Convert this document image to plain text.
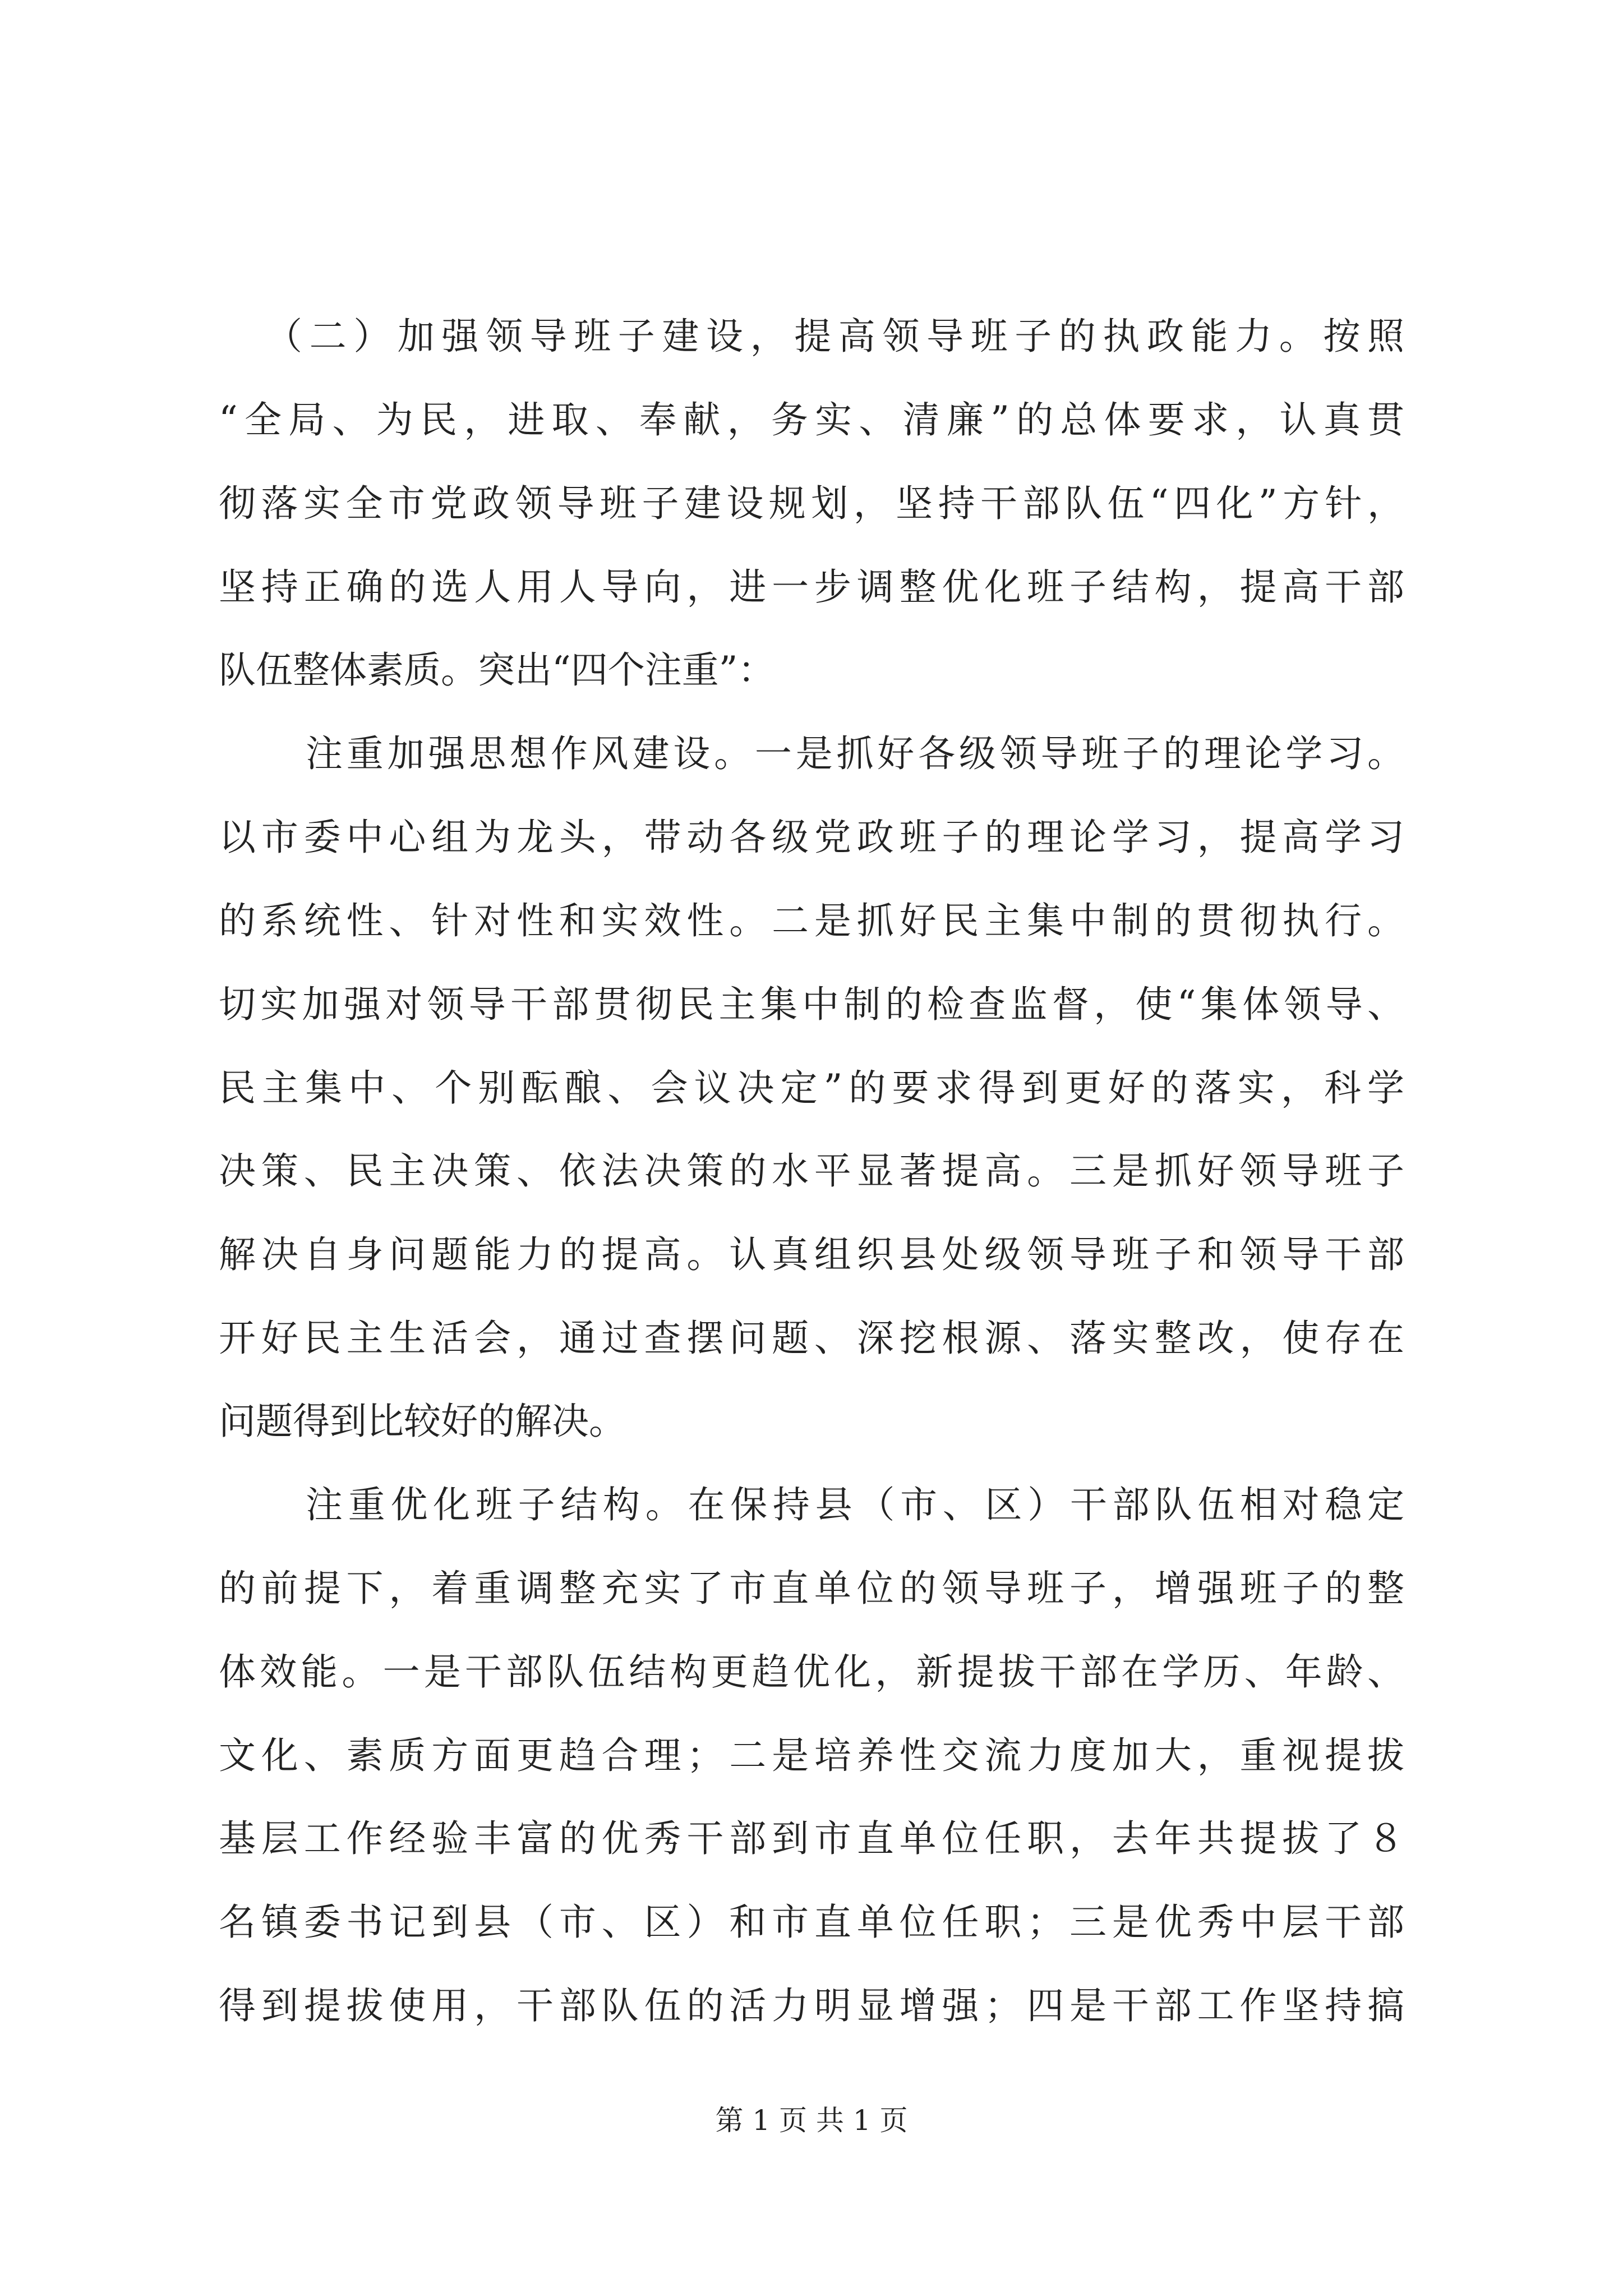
（二）加强领导班子建设，提高领导班子的执政能力。按照
“全局、为民，进取、奉献，务实、清廉”的总体要求，认真贯
彻落实全市党政领导班子建设规划，坚持干部队伍“四化”方针，
坚持正确的选人用人导向，进一步调整优化班子结构，提高干部
队伍整体素质。突出“四个注重”：
注重加强思想作风建设。一是抓好各级领导班子的理论学习。
以市委中心组为龙头，带动各级党政班子的理论学习，提高学习
的系统性、针对性和实效性。二是抓好民主集中制的贯彻执行。
切实加强对领导干部贯彻民主集中制的检查监督，使“集体领导、
民主集中、个别酝酿、会议决定”的要求得到更好的落实，科学
决策、民主决策、依法决策的水平显著提高。三是抓好领导班子
解决自身问题能力的提高。认真组织县处级领导班子和领导干部
开好民主生活会，通过查摆问题、深挖根源、落实整改，使存在
问题得到比较好的解决。
注重优化班子结构。在保持县（市、区）干部队伍相对稳定
的前提下，着重调整充实了市直单位的领导班子，增强班子的整
体效能。一是干部队伍结构更趋优化，新提拔干部在学历、年龄、
文化、素质方面更趋合理；二是培养性交流力度加大，重视提拔
基层工作经验丰富的优秀干部到市直单位任职，去年共提拔了８
名镇委书记到县（市、区）和市直单位任职；三是优秀中层干部
得到提拔使用，干部队伍的活力明显增强；四是干部工作坚持搞
第 1 页 共 1 页
